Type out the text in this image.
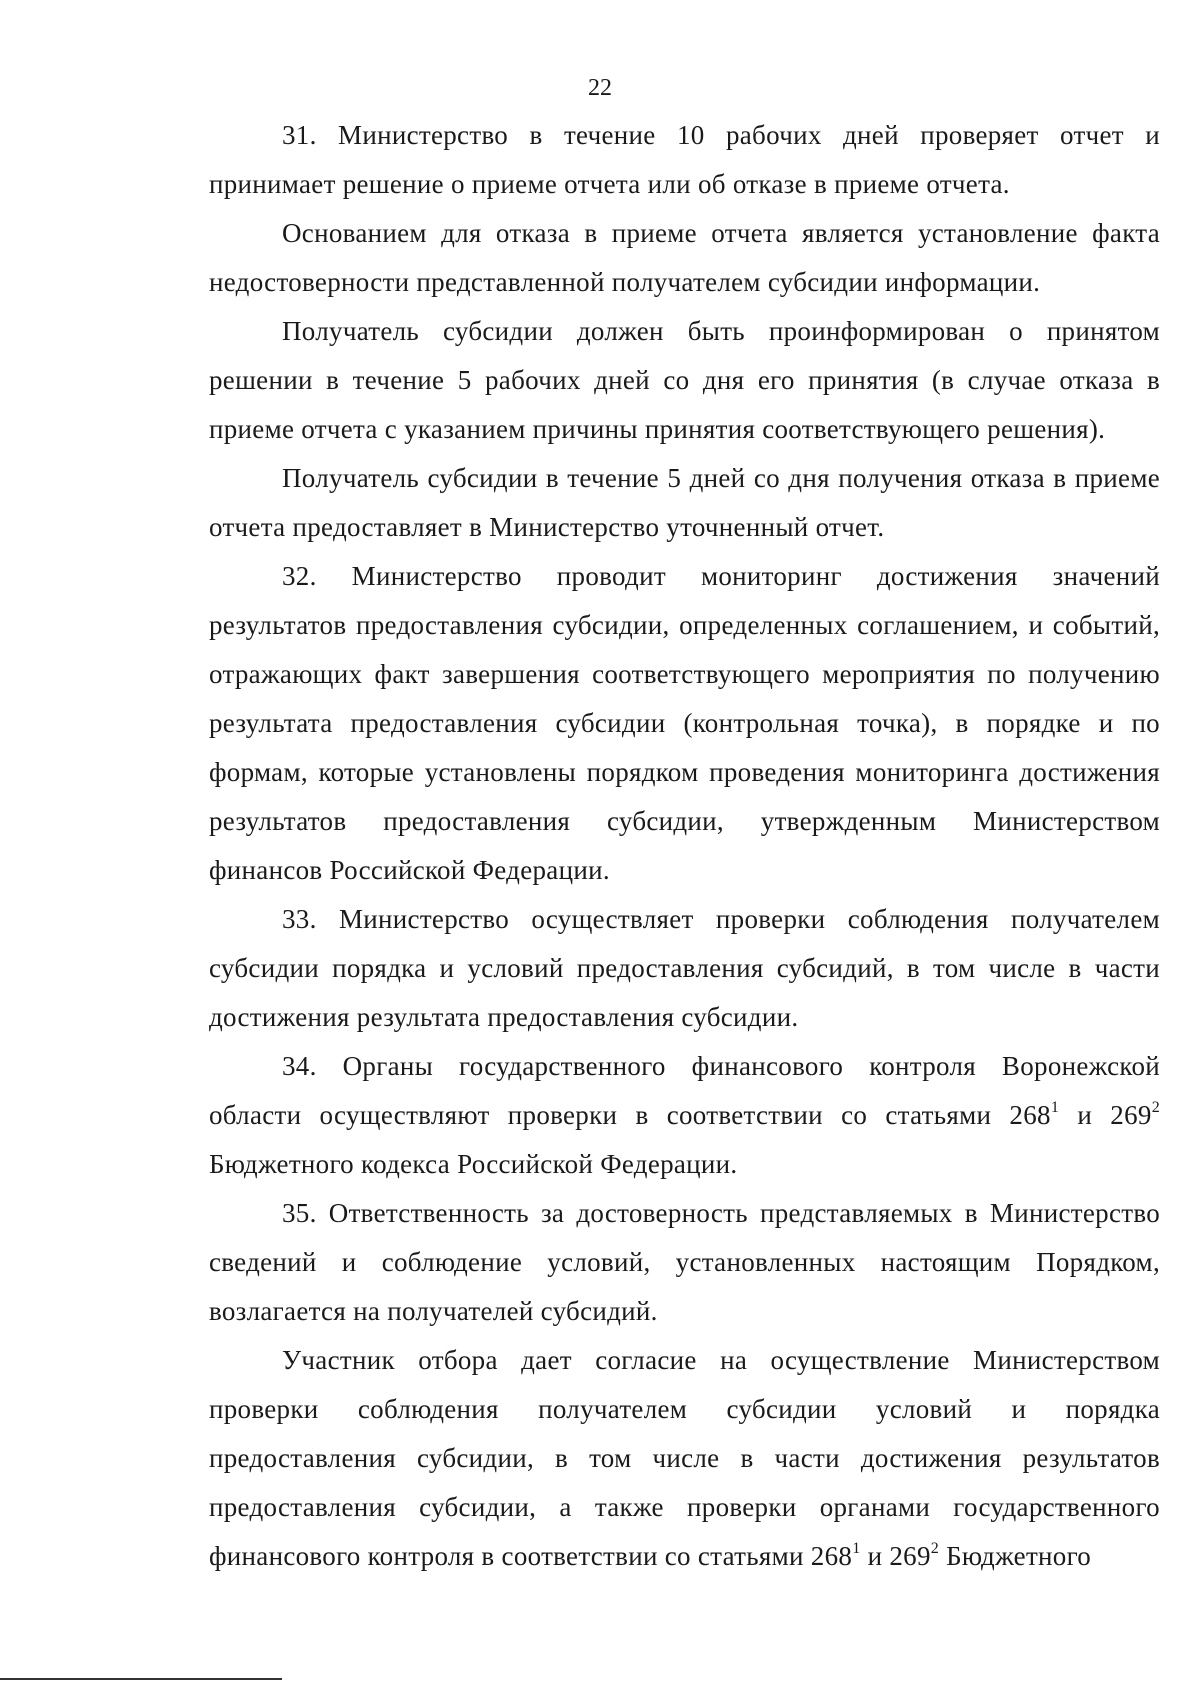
22

31. Министерство в течение 10 рабочих дней проверяет отчет и принимает решение о приеме отчета или об отказе в приеме отчета.

Основанием для отказа в приеме отчета является установление факта недостоверности представленной получателем субсидии информации.

Получатель субсидии должен быть проинформирован о принятом решении в течение 5 рабочих дней со дня его принятия (в случае отказа в приеме отчета с указанием причины принятия соответствующего решения).

Получатель субсидии в течение 5 дней со дня получения отказа в приеме отчета предоставляет в Министерство уточненный отчет.

32. Министерство проводит мониторинг достижения значений результатов предоставления субсидии, определенных соглашением, и событий, отражающих факт завершения соответствующего мероприятия по получению результата предоставления субсидии (контрольная точка), в порядке и по формам, которые установлены порядком проведения мониторинга достижения результатов предоставления субсидии, утвержденным Министерством финансов Российской Федерации.

33. Министерство осуществляет проверки соблюдения получателем субсидии порядка и условий предоставления субсидий, в том числе в части достижения результата предоставления субсидии.

34. Органы государственного финансового контроля Воронежской области осуществляют проверки в соответствии со статьями $268^1$ и $269^2$ Бюджетного кодекса Российской Федерации.

35. Ответственность за достоверность представляемых в Министерство сведений и соблюдение условий, установленных настоящим Порядком, возлагается на получателей субсидий.

Участник отбора дает согласие на осуществление Министерством проверки соблюдения получателем субсидии условий и порядка предоставления субсидии, в том числе в части достижения результатов предоставления субсидии, а также проверки органами государственного финансового контроля в соответствии со статьями $268^1$ и $269^2$ Бюджетного
